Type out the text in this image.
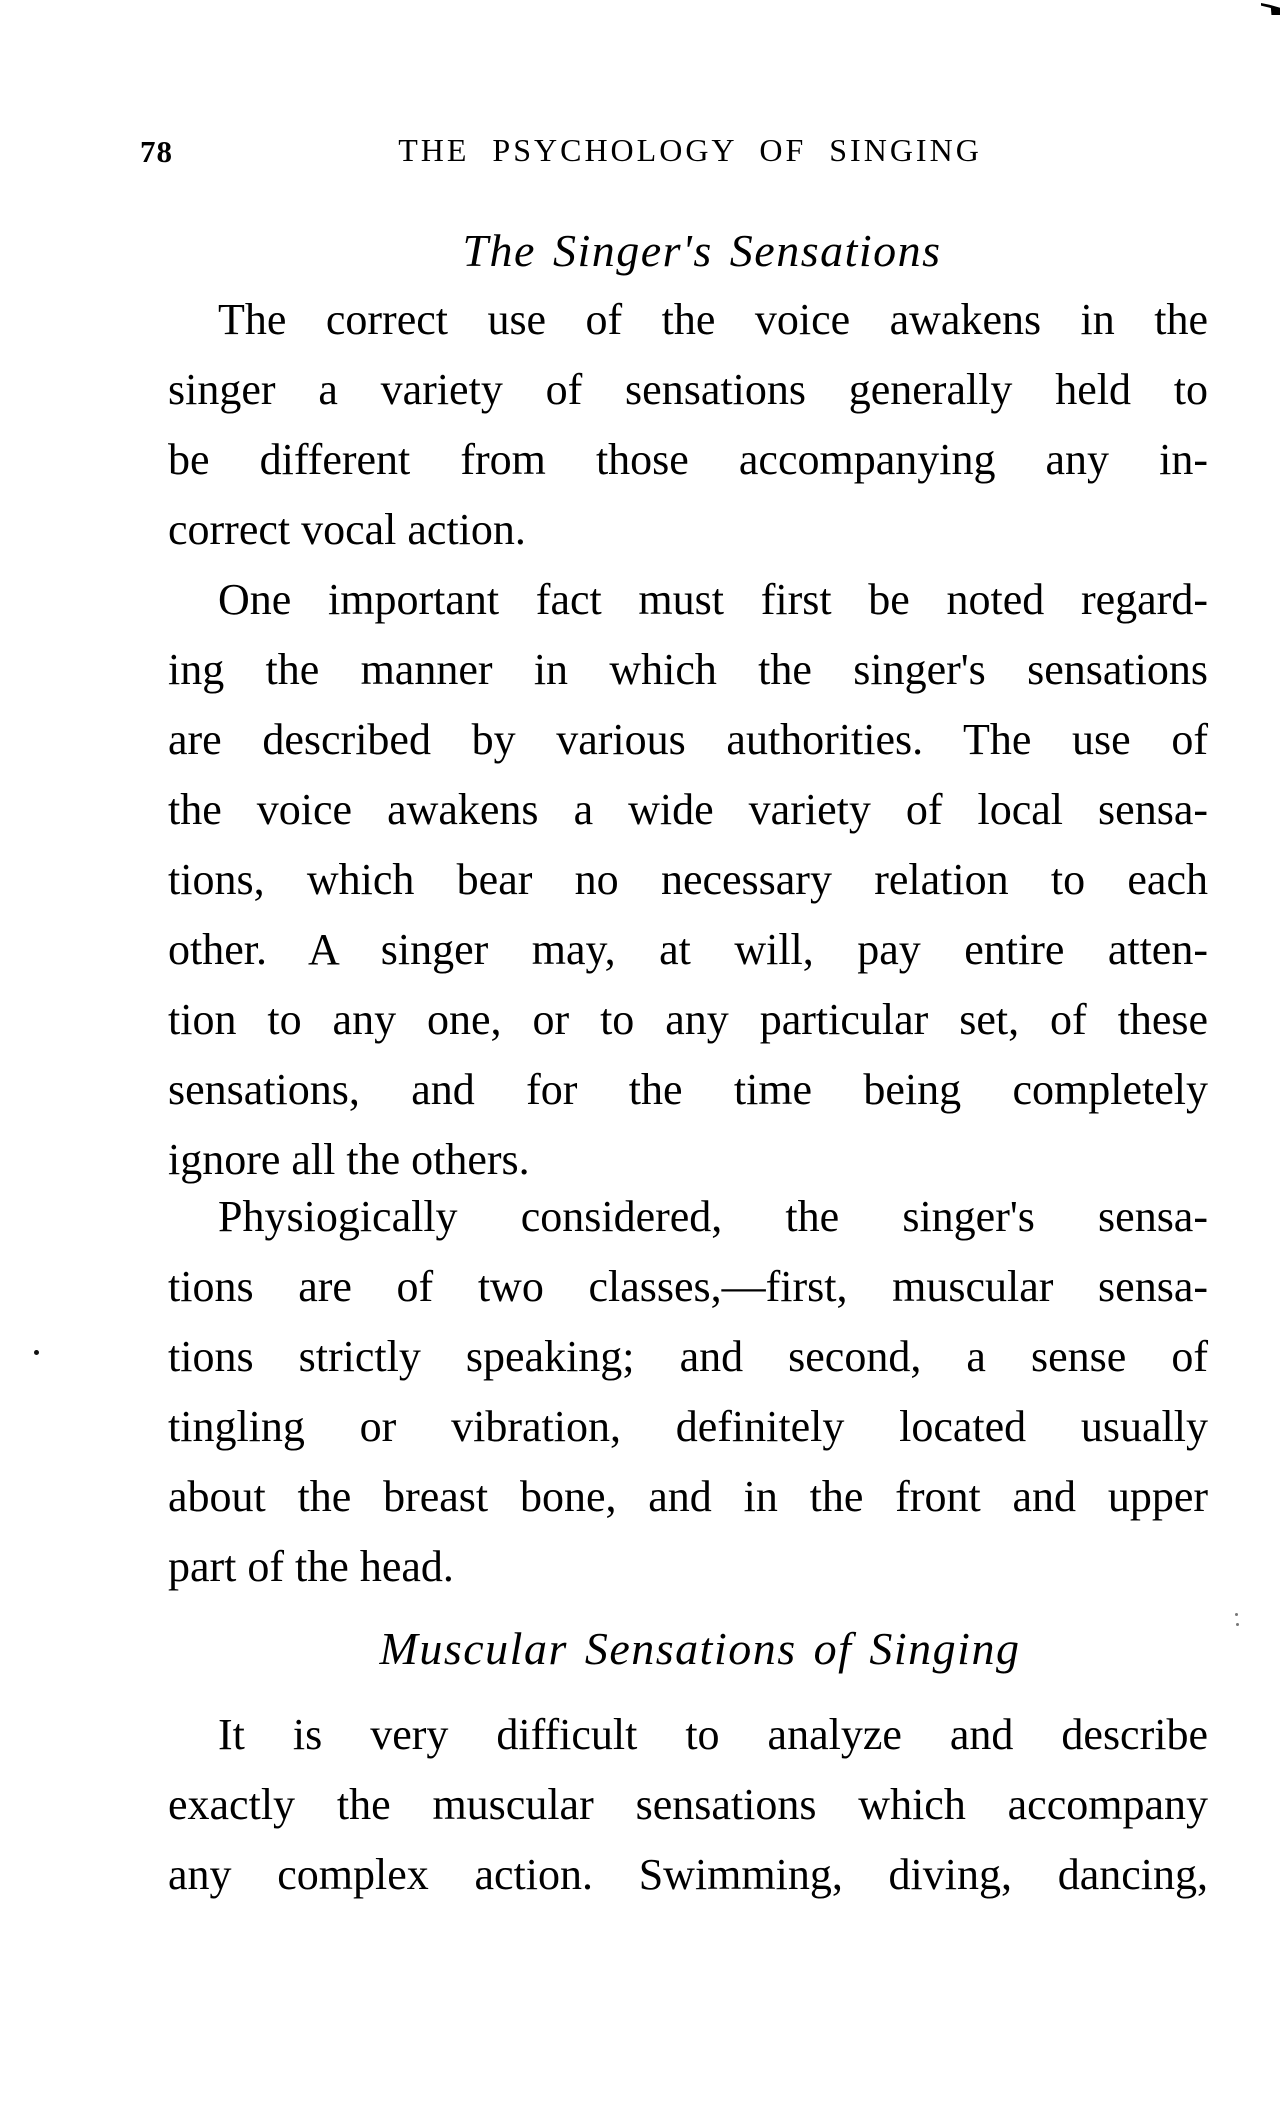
78	THE PSYCHOLOGY OF SINGING
The Singer's Sensations
The correct use of the voice awakens in the
singer a variety of sensations generally held to
be different from those accompanying any in-
correct vocal action.
One important fact must first be noted regard-
ing the manner in which the singer's sensations
are described by various authorities. The use of
the voice awakens a wide variety of local sensa-
tions, which bear no necessary relation to each
other. A singer may, at will, pay entire atten-
tion to any one, or to any particular set, of these
sensations, and for the time being completely
ignore all the others.
Physiogically considered, the singer's sensa-
tions are of two classes,—first, muscular sensa-
tions strictly speaking; and second, a sense of
tingling or vibration, definitely located usually
about the breast bone, and in the front and upper
part of the head.
Muscular Sensations of Singing
It is very difficult to analyze and describe
exactly the muscular sensations which accompany
any complex action. Swimming, diving, dancing,
